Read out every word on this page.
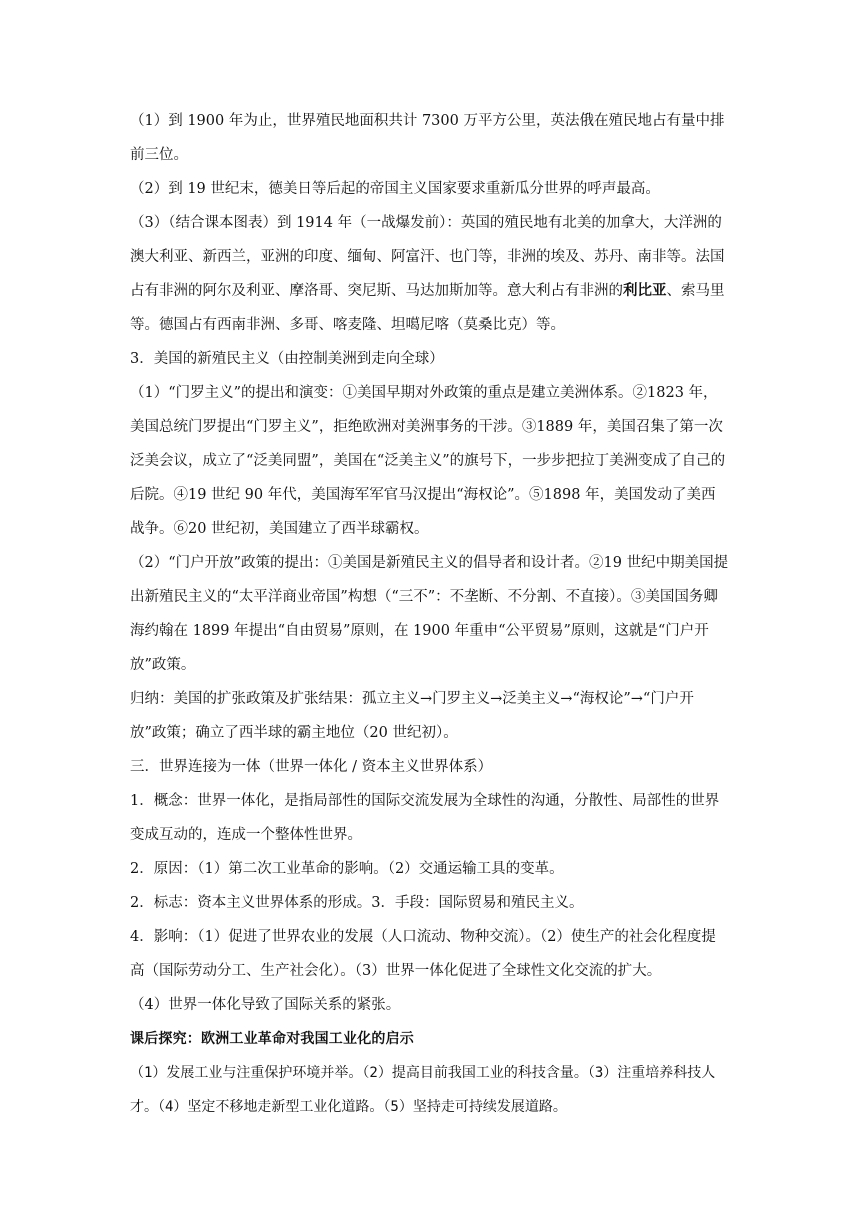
（1）到 1900 年为止，世界殖民地面积共计 7300 万平方公里，英法俄在殖民地占有量中排前三位。

（2）到 19 世纪末，德美日等后起的帝国主义国家要求重新瓜分世界的呼声最高。

（3）（结合课本图表）到 1914 年（一战爆发前）：英国的殖民地有北美的加拿大，大洋洲的澳大利亚、新西兰，亚洲的印度、缅甸、阿富汗、也门等，非洲的埃及、苏丹、南非等。法国占有非洲的阿尔及利亚、摩洛哥、突尼斯、马达加斯加等。意大利占有非洲的利比亚、索马里等。德国占有西南非洲、多哥、喀麦隆、坦噶尼喀（莫桑比克）等。

3．美国的新殖民主义（由控制美洲到走向全球）

（1）“门罗主义”的提出和演变：①美国早期对外政策的重点是建立美洲体系。②1823 年，美国总统门罗提出“门罗主义”，拒绝欧洲对美洲事务的干涉。③1889 年，美国召集了第一次泛美会议，成立了“泛美同盟”，美国在“泛美主义”的旗号下，一步步把拉丁美洲变成了自己的后院。④19 世纪 90 年代，美国海军军官马汉提出“海权论”。⑤1898 年，美国发动了美西战争。⑥20 世纪初，美国建立了西半球霸权。

（2）“门户开放”政策的提出：①美国是新殖民主义的倡导者和设计者。②19 世纪中期美国提出新殖民主义的“太平洋商业帝国”构想（“三不”：不垄断、不分割、不直接）。③美国国务卿海约翰在 1899 年提出“自由贸易”原则，在 1900 年重申“公平贸易”原则，这就是“门户开放”政策。

归纳：美国的扩张政策及扩张结果：孤立主义→门罗主义→泛美主义→“海权论”→“门户开放”政策；确立了西半球的霸主地位（20 世纪初）。

三．世界连接为一体（世界一体化 / 资本主义世界体系）

1．概念：世界一体化，是指局部性的国际交流发展为全球性的沟通，分散性、局部性的世界变成互动的，连成一个整体性世界。

2．原因：（1）第二次工业革命的影响。（2）交通运输工具的变革。

2．标志：资本主义世界体系的形成。3．手段：国际贸易和殖民主义。

4．影响：（1）促进了世界农业的发展（人口流动、物种交流）。（2）使生产的社会化程度提高（国际劳动分工、生产社会化）。（3）世界一体化促进了全球性文化交流的扩大。

（4）世界一体化导致了国际关系的紧张。

课后探究：欧洲工业革命对我国工业化的启示

（1）发展工业与注重保护环境并举。（2）提高目前我国工业的科技含量。（3）注重培养科技人才。（4）坚定不移地走新型工业化道路。（5）坚持走可持续发展道路。
